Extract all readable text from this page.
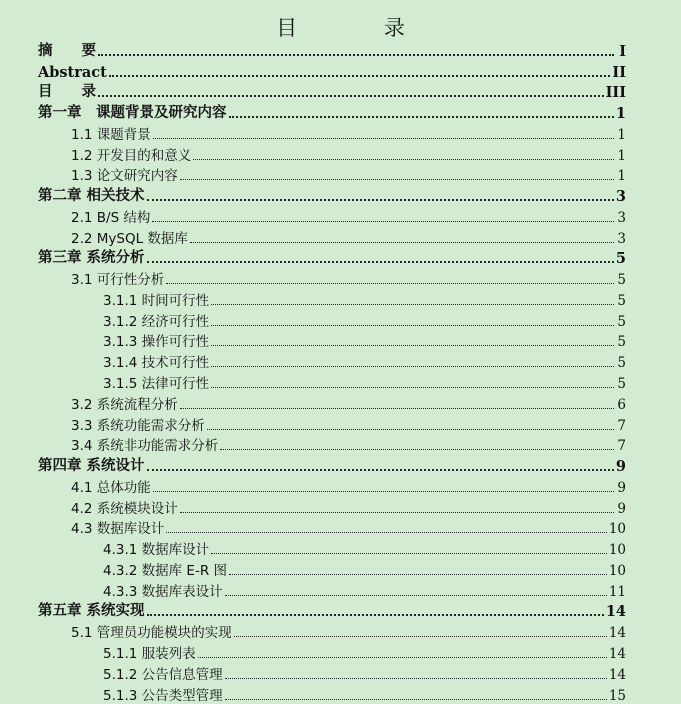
目 录
摘　　要	I
Abstract	II
目　　录	III
第一章　课题背景及研究内容	1
1.1 课题背景	1
1.2 开发目的和意义	1
1.3 论文研究内容	1
第二章 相关技术	3
2.1 B/S 结构	3
2.2 MySQL 数据库	3
第三章 系统分析	5
3.1 可行性分析	5
3.1.1 时间可行性	5
3.1.2 经济可行性	5
3.1.3 操作可行性	5
3.1.4 技术可行性	5
3.1.5 法律可行性	5
3.2 系统流程分析	6
3.3 系统功能需求分析	7
3.4 系统非功能需求分析	7
第四章 系统设计	9
4.1 总体功能	9
4.2 系统模块设计	9
4.3 数据库设计	10
4.3.1 数据库设计	10
4.3.2 数据库 E-R 图	10
4.3.3 数据库表设计	11
第五章 系统实现	14
5.1 管理员功能模块的实现	14
5.1.1 服装列表	14
5.1.2 公告信息管理	14
5.1.3 公告类型管理	15
